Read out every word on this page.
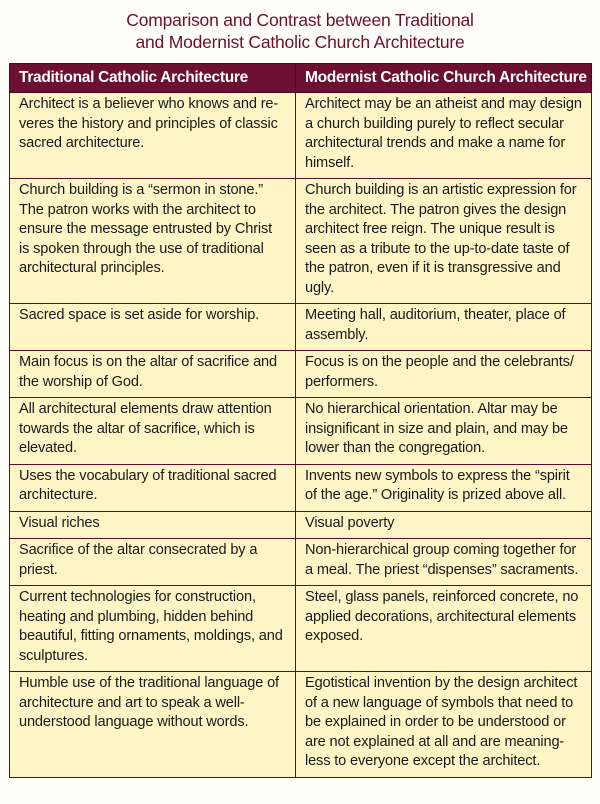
Comparison and Contrast between Traditional
and Modernist Catholic Church Architecture
Traditional Catholic Architecture	Modernist Catholic Church Architecture
Architect is a believer who knows and re-veres the history and principles of classic sacred architecture.	Architect may be an atheist and may design a church building purely to reflect secular architectural trends and make a name for himself.
Church building is a “sermon in stone.” The patron works with the architect to ensure the message entrusted by Christ is spoken through the use of traditional architectural principles.	Church building is an artistic expression for the architect. The patron gives the design architect free reign. The unique result is seen as a tribute to the up-to-date taste of the patron, even if it is transgressive and ugly.
Sacred space is set aside for worship.	Meeting hall, auditorium, theater, place of assembly.
Main focus is on the altar of sacrifice and the worship of God.	Focus is on the people and the celebrants/ performers.
All architectural elements draw attention towards the altar of sacrifice, which is elevated.	No hierarchical orientation. Altar may be insignificant in size and plain, and may be lower than the congregation.
Uses the vocabulary of traditional sacred architecture.	Invents new symbols to express the “spirit of the age.” Originality is prized above all.
Visual riches	Visual poverty
Sacrifice of the altar consecrated by a priest.	Non-hierarchical group coming together for a meal. The priest “dispenses” sacraments.
Current technologies for construction, heating and plumbing, hidden behind beautiful, fitting ornaments, moldings, and sculptures.	Steel, glass panels, reinforced concrete, no applied decorations, architectural elements exposed.
Humble use of the traditional language of architecture and art to speak a well-understood language without words.	Egotistical invention by the design architect of a new language of symbols that need to be explained in order to be understood or are not explained at all and are meaning-less to everyone except the architect.
